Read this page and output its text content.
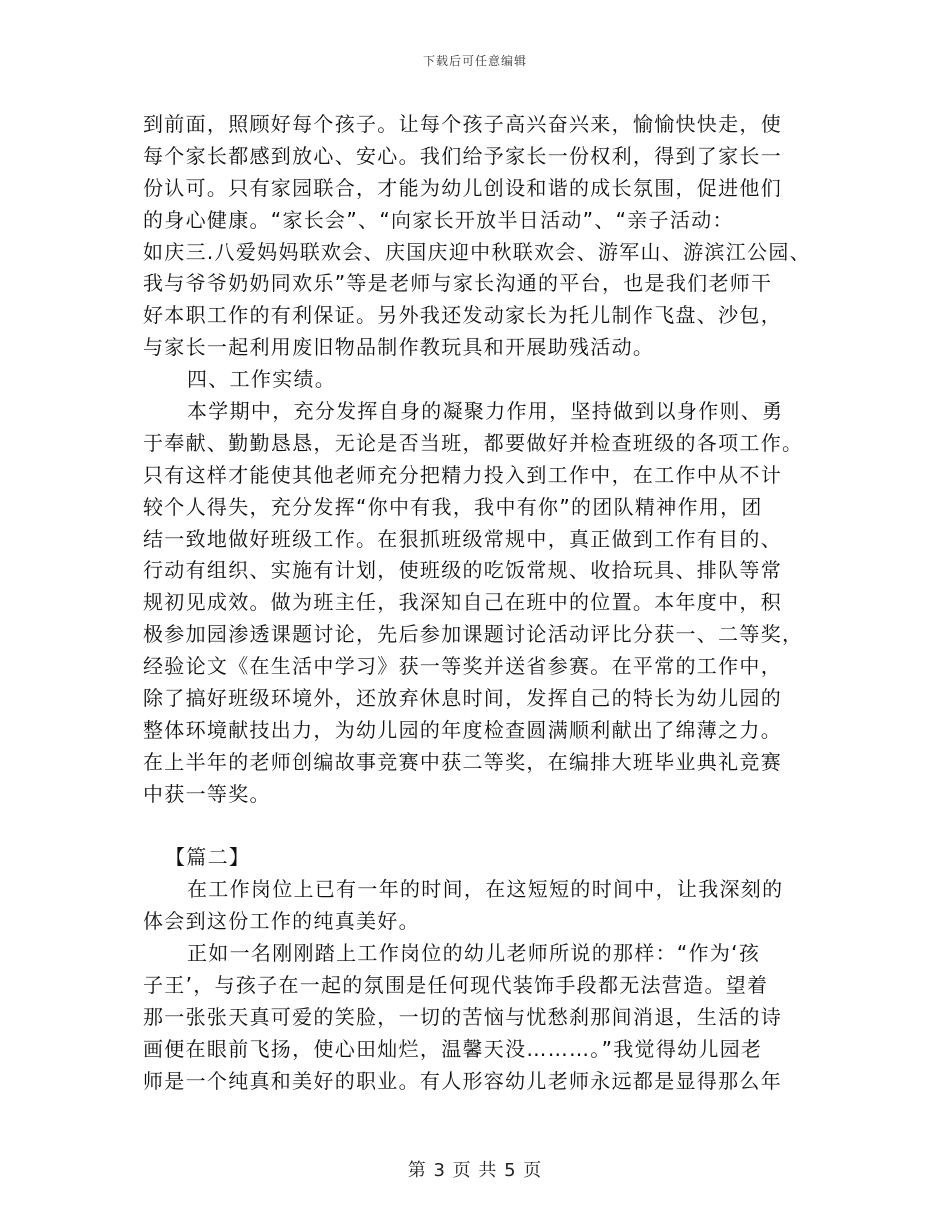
下载后可任意编辑
到前面，照顾好每个孩子。让每个孩子高兴奋兴来，愉愉快快走，使
每个家长都感到放心、安心。我们给予家长一份权利，得到了家长一
份认可。只有家园联合，才能为幼儿创设和谐的成长氛围，促进他们
的身心健康。“家长会”、“向家长开放半日活动”、“亲子活动：
如庆三.八爱妈妈联欢会、庆国庆迎中秋联欢会、游军山、游滨江公园、
我与爷爷奶奶同欢乐”等是老师与家长沟通的平台，也是我们老师干
好本职工作的有利保证。另外我还发动家长为托儿制作飞盘、沙包，
与家长一起利用废旧物品制作教玩具和开展助残活动。
四、工作实绩。
本学期中，充分发挥自身的凝聚力作用，坚持做到以身作则、勇
于奉献、勤勤恳恳，无论是否当班，都要做好并检查班级的各项工作。
只有这样才能使其他老师充分把精力投入到工作中，在工作中从不计
较个人得失，充分发挥“你中有我，我中有你”的团队精神作用，团
结一致地做好班级工作。在狠抓班级常规中，真正做到工作有目的、
行动有组织、实施有计划，使班级的吃饭常规、收拾玩具、排队等常
规初见成效。做为班主任，我深知自己在班中的位置。本年度中，积
极参加园渗透课题讨论，先后参加课题讨论活动评比分获一、二等奖，
经验论文《在生活中学习》获一等奖并送省参赛。在平常的工作中，
除了搞好班级环境外，还放弃休息时间，发挥自己的特长为幼儿园的
整体环境献技出力，为幼儿园的年度检查圆满顺利献出了绵薄之力。
在上半年的老师创编故事竞赛中获二等奖，在编排大班毕业典礼竞赛
中获一等奖。
【篇二】
在工作岗位上已有一年的时间，在这短短的时间中，让我深刻的
体会到这份工作的纯真美好。
正如一名刚刚踏上工作岗位的幼儿老师所说的那样：“作为‘孩
子王’，与孩子在一起的氛围是任何现代装饰手段都无法营造。望着
那一张张天真可爱的笑脸，一切的苦恼与忧愁刹那间消退，生活的诗
画便在眼前飞扬，使心田灿烂，温馨天没………。”我觉得幼儿园老
师是一个纯真和美好的职业。有人形容幼儿老师永远都是显得那么年
第 3 页 共 5 页
